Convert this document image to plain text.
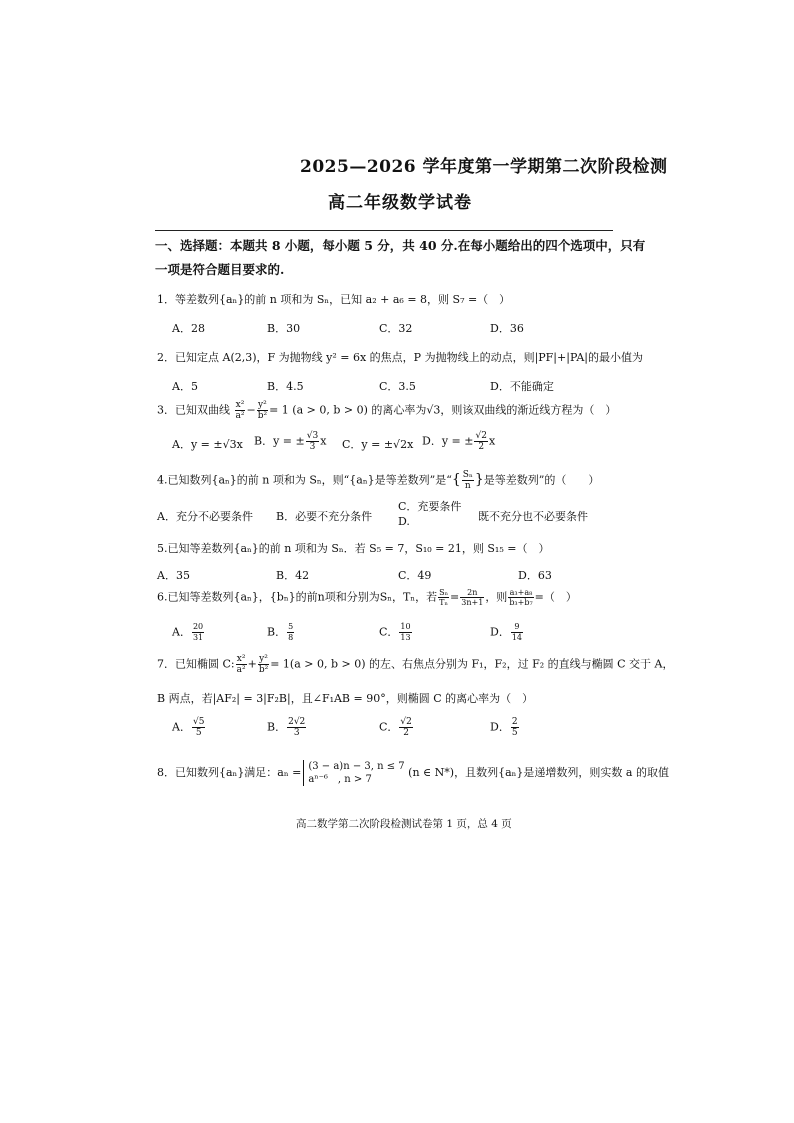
2025—2026 学年度第一学期第二次阶段检测
高二年级数学试卷
一、选择题：本题共 8 小题，每小题 5 分，共 40 分.在每小题给出的四个选项中，只有
一项是符合题目要求的.
1．等差数列{aₙ}的前 n 项和为 Sₙ，已知 a₂ + a₆ = 8，则 S₇ =（　）
A．28	B．30	C．32	D．36
2．已知定点 A(2,3)，F 为抛物线 y² = 6x 的焦点，P 为抛物线上的动点，则|PF|+|PA|的最小值为
A．5	B．4.5	C．3.5	D．不能确定
3．已知双曲线 $\frac{\text{x²}}{\text{a²}} - \frac{\text{y²}}{\text{b²}} = 1$ (a > 0, b > 0) 的离心率为√3，则该双曲线的渐近线方程为（　）
A．y = ±√3x B．y = ± $\frac{√3}{3}$ x C．y = ±√2x D．y = ± $\frac{√2}{2}$ x
4.已知数列{aₙ}的前 n 项和为 Sₙ，则“{aₙ}是等差数列”是“{ $\frac{\text{Sₙ}}{n}$ }是等差数列”的（　　）
A．充分不必要条件 B．必要不充分条件
C．充要条件
D.	既不充分也不必要条件
5.已知等差数列{aₙ}的前 n 项和为 Sₙ．若 S₅ = 7，S₁₀ = 21，则 S₁₅ =（　）
A．35	B．42	C．49	D．63
6.已知等差数列{aₙ}，{bₙ}的前n项和分别为Sₙ，Tₙ，若 $\frac{\text{Sₙ}}{\text{Tₙ}} = \frac{2n}{3n+1}$ ，则 $\frac{\text{a₃+a₈}}{\text{b₃+b₇}}$ =（　）
A． $\frac{20}{31}$	B． $\frac{5}{8}$	C． $\frac{10}{13}$	D． $\frac{9}{14}$
7．已知椭圆 C: $\frac{\text{x²}}{\text{a²}} + \frac{\text{y²}}{\text{b²}} = 1(a > 0$, b > 0) 的左、右焦点分别为 F₁，F₂，过 F₂ 的直线与椭圆 C 交于 A，
B 两点，若|AF₂| = 3|F₂B|，且∠F₁AB = 90°，则椭圆 C 的离心率为（　）
A． $\frac{√5}{5}$	B． $\frac{2√2}{3}$	C． $\frac{√2}{2}$	D． $\frac{2}{5}$
8．已知数列{aₙ}满足：aₙ = (3 − a)n − 3, n ≤ 7
aⁿ⁻⁶　, n > 7
(n ∈ N*)，且数列{aₙ}是递增数列，则实数 a 的取值
高二数学第二次阶段检测试卷第 1 页，总 4 页
